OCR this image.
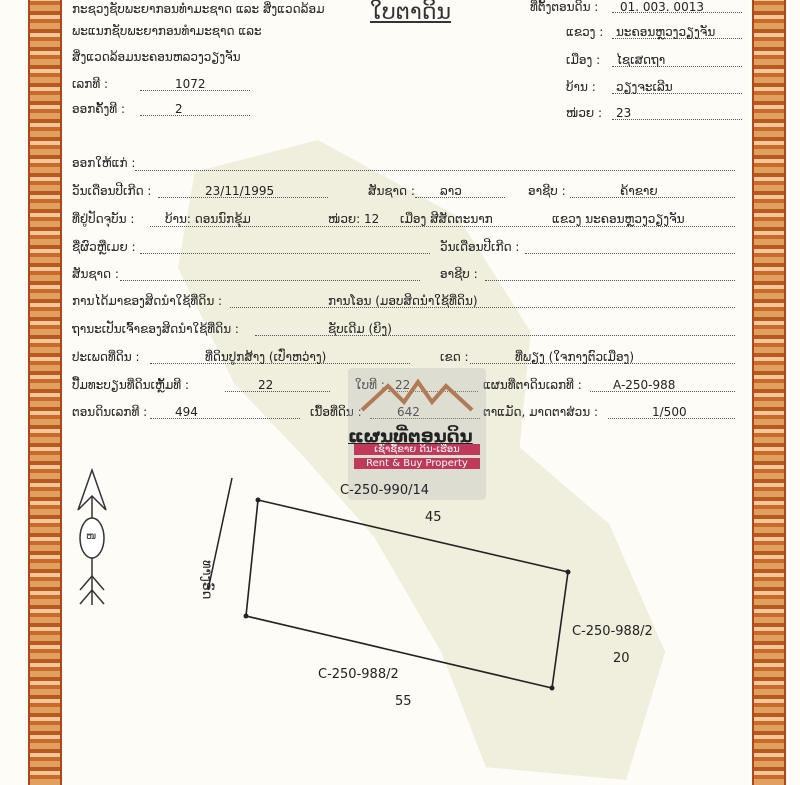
ກະຊວງຊັບພະຍາກອນທຳມະຊາດ ແລະ ສິ່ງແວດລ້ອມ
ພະແນກຊັບພະຍາກອນທຳມະຊາດ ແລະ
ສິ່ງແວດລ້ອມນະຄອນຫລວງວຽງຈັນ
ເລກທີ :	1072
ອອກຄັ້ງທີ :	2
ໃບຕາດິນ	ທີ່ຕັ້ງຕອນດິນ : 01. 003. 0013
ແຂວງ : ນະຄອນຫຼວງວຽງຈັນ
ເມືອງ : ໄຊເສດຖາ
ບ້ານ : ວຽງຈະເລີນ
ໜ່ວຍ : 23
ອອກໃຫ້ແກ່ :
ວັນເດືອນປີເກີດ :	23/11/1995	ສັນຊາດ : ລາວ	ອາຊີບ :	ຄ້າຂາຍ
ທີ່ຢູ່ປັດຈຸບັນ :	ບ້ານ: ດອນນົກຂຸ້ມ	ໜ່ວຍ: 12 ເມືອງ ສີສັດຕະນາກ	ແຂວງ ນະຄອນຫຼວງວຽງຈັນ
ຊື່ຜົວຫຼືເມຍ :	ວັນເດືອນປີເກີດ :
ສັນຊາດ :	ອາຊີບ :
ການໄດ້ມາຂອງສິດນຳໃຊ້ທີ່ດິນ :	ການໂອນ (ມອບສິດນຳໃຊ້ທີ່ດິນ)
ຖານະເປັນເຈົ້າຂອງສິດນຳໃຊ້ທີ່ດິນ :	ຊັບເດີມ (ຍິງ)
ປະເພດທີ່ດິນ :	ທີ່ດິນປູກສ້າງ (ເປົ່າຫວ່າງ)	ເຂດ :	ທີ່ພຽງ (ໃຈກາງຕົວເມືອງ)
ປື້ມທະບຽນທີ່ດິນເຫຼັ້ມທີ :	22	ໃບທີ : 22	ແຜນທີ່ຕາດິນເລກທີ :	A-250-988
ຕອນດິນເລກທີ : 494	ເນື້ອທີ່ດິນ :	642	ຕາແມັດ, ມາດຕາສ່ວນ :	1/500
ເຊົ່າຊື້ຂາຍ ດິນ-ເຮືອນ
Rent & Buy Property
ແຜນທີ່ຕອນດິນ
ໜ
ທາງຣົດ
C-250-990/14
45
C-250-988/2
20
C-250-988/2
55
